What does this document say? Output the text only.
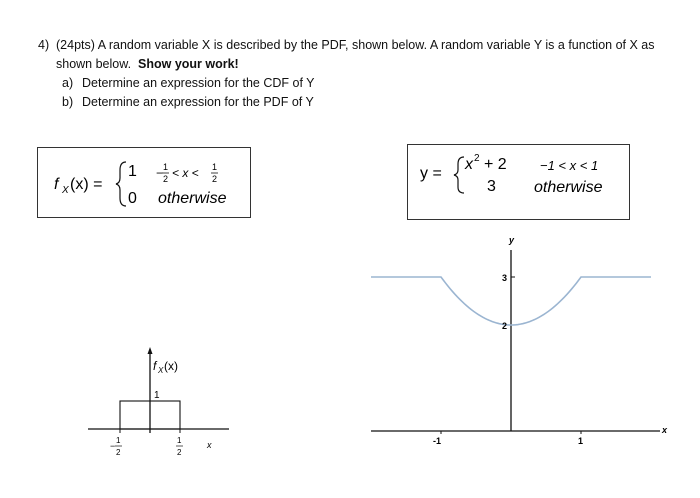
4) (24pts) A random variable X is described by the PDF, shown below. A random variable Y is a function of X as
shown below. Show your work!
a) Determine an expression for the CDF of Y
b) Determine an expression for the PDF of Y
f X (x) =
1 − 1
2 < x < 1
2
0 otherwise
y =
x 2 + 2	−1 < x < 1
3 otherwise
f X (x)
1
−
1
2
1
2
x
y
3
2
-1	1
x
